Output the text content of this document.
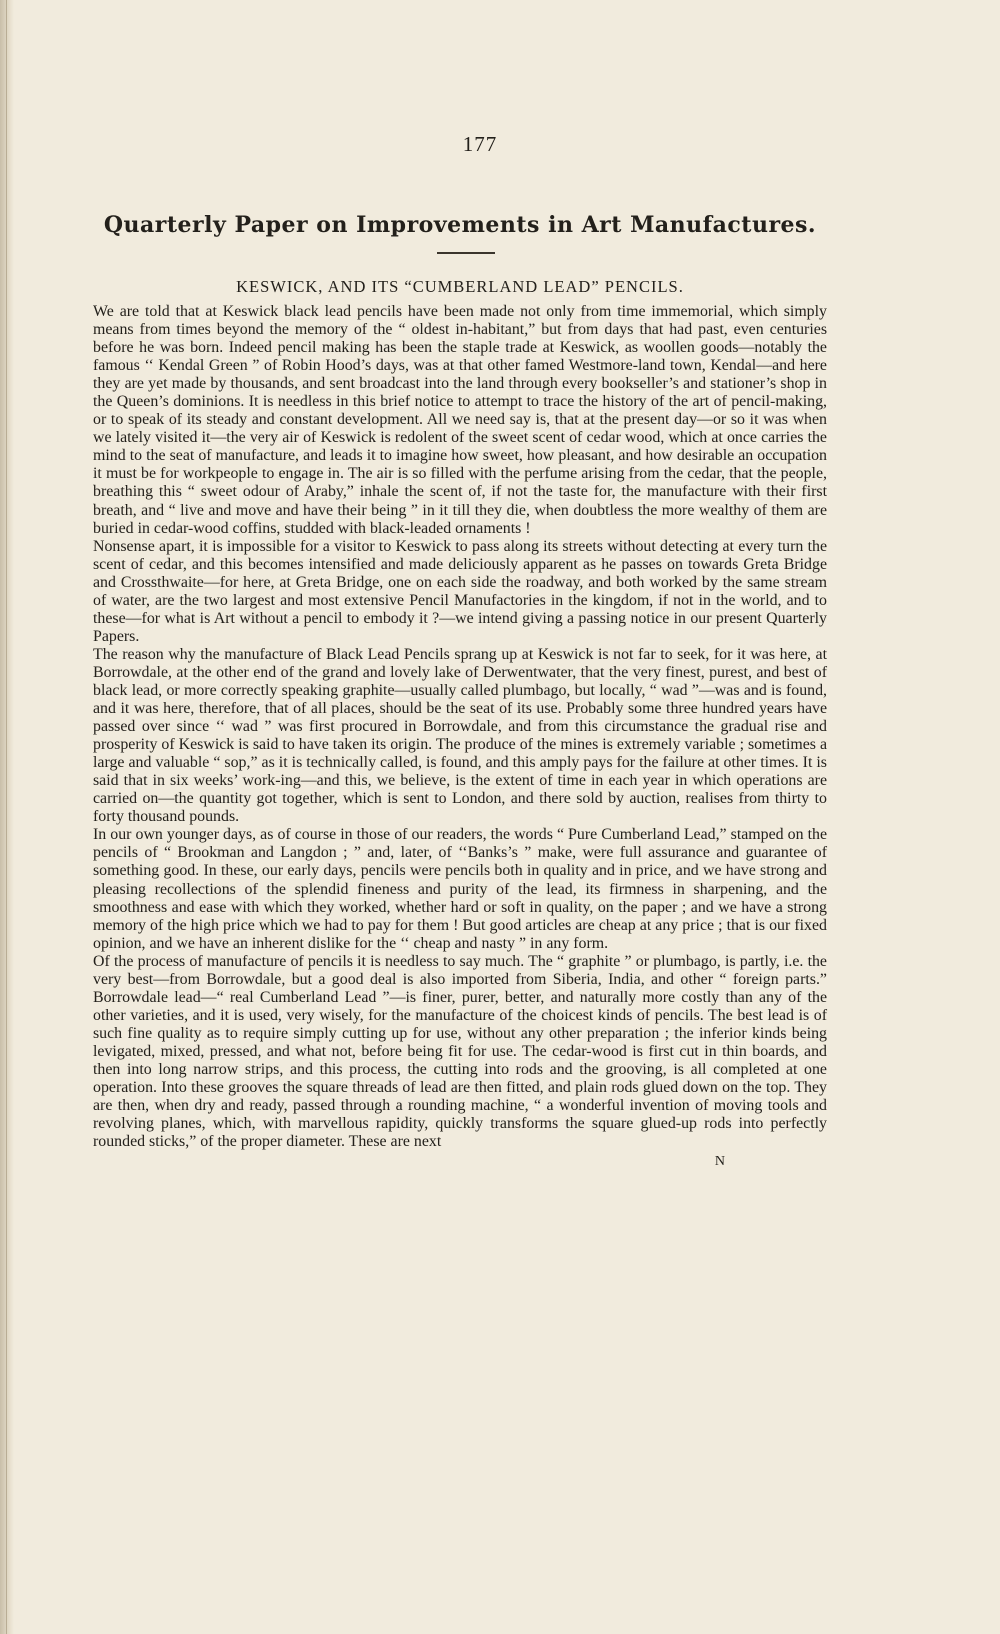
177
Quarterly Paper on Improvements in Art Manufactures.
KESWICK, AND ITS “CUMBERLAND LEAD” PENCILS.

We are told that at Keswick black lead pencils have been made not only from time immemorial, which simply means from times beyond the memory of the “ oldest in-habitant,” but from days that had past, even centuries before he was born. Indeed pencil making has been the staple trade at Keswick, as woollen goods—notably the famous ‘‘ Kendal Green ” of Robin Hood’s days, was at that other famed Westmore-land town, Kendal—and here they are yet made by thousands, and sent broadcast into the land through every bookseller’s and stationer’s shop in the Queen’s dominions. It is needless in this brief notice to attempt to trace the history of the art of pencil-making, or to speak of its steady and constant development. All we need say is, that at the present day—or so it was when we lately visited it—the very air of Keswick is redolent of the sweet scent of cedar wood, which at once carries the mind to the seat of manufacture, and leads it to imagine how sweet, how pleasant, and how desirable an occupation it must be for workpeople to engage in. The air is so filled with the perfume arising from the cedar, that the people, breathing this “ sweet odour of Araby,” inhale the scent of, if not the taste for, the manufacture with their first breath, and “ live and move and have their being ” in it till they die, when doubtless the more wealthy of them are buried in cedar-wood coffins, studded with black-leaded ornaments !

Nonsense apart, it is impossible for a visitor to Keswick to pass along its streets without detecting at every turn the scent of cedar, and this becomes intensified and made deliciously apparent as he passes on towards Greta Bridge and Crossthwaite—for here, at Greta Bridge, one on each side the roadway, and both worked by the same stream of water, are the two largest and most extensive Pencil Manufactories in the kingdom, if not in the world, and to these—for what is Art without a pencil to embody it ?—we intend giving a passing notice in our present Quarterly Papers.

The reason why the manufacture of Black Lead Pencils sprang up at Keswick is not far to seek, for it was here, at Borrowdale, at the other end of the grand and lovely lake of Derwentwater, that the very finest, purest, and best of black lead, or more correctly speaking graphite—usually called plumbago, but locally, “ wad ”—was and is found, and it was here, therefore, that of all places, should be the seat of its use. Probably some three hundred years have passed over since ‘‘ wad ” was first procured in Borrowdale, and from this circumstance the gradual rise and prosperity of Keswick is said to have taken its origin. The produce of the mines is extremely variable ; sometimes a large and valuable “ sop,” as it is technically called, is found, and this amply pays for the failure at other times. It is said that in six weeks’ work-ing—and this, we believe, is the extent of time in each year in which operations are carried on—the quantity got together, which is sent to London, and there sold by auction, realises from thirty to forty thousand pounds.

In our own younger days, as of course in those of our readers, the words “ Pure Cumberland Lead,” stamped on the pencils of “ Brookman and Langdon ; ” and, later, of ‘‘Banks’s ” make, were full assurance and guarantee of something good. In these, our early days, pencils were pencils both in quality and in price, and we have strong and pleasing recollections of the splendid fineness and purity of the lead, its firmness in sharpening, and the smoothness and ease with which they worked, whether hard or soft in quality, on the paper ; and we have a strong memory of the high price which we had to pay for them ! But good articles are cheap at any price ; that is our fixed opinion, and we have an inherent dislike for the ‘‘ cheap and nasty ” in any form.

Of the process of manufacture of pencils it is needless to say much. The “ graphite ” or plumbago, is partly, i.e. the very best—from Borrowdale, but a good deal is also imported from Siberia, India, and other “ foreign parts.” Borrowdale lead—“ real Cumberland Lead ”—is finer, purer, better, and naturally more costly than any of the other varieties, and it is used, very wisely, for the manufacture of the choicest kinds of pencils. The best lead is of such fine quality as to require simply cutting up for use, without any other preparation ; the inferior kinds being levigated, mixed, pressed, and what not, before being fit for use. The cedar-wood is first cut in thin boards, and then into long narrow strips, and this process, the cutting into rods and the grooving, is all completed at one operation. Into these grooves the square threads of lead are then fitted, and plain rods glued down on the top. They are then, when dry and ready, passed through a rounding machine, “ a wonderful invention of moving tools and revolving planes, which, with marvellous rapidity, quickly transforms the square glued-up rods into perfectly rounded sticks,” of the proper diameter. These are next

N
